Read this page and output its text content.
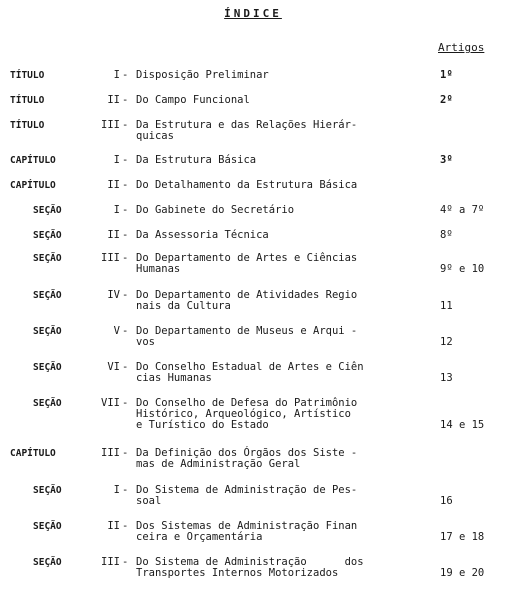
ÍNDICE
Artigos
TÍTULO	I - Disposição Preliminar	1º
TÍTULO	II - Do Campo Funcional	2º
TÍTULO	III - Da Estrutura e das Relações Hierár-
quicas
CAPÍTULO	I - Da Estrutura Básica	3º
CAPÍTULO	II - Do Detalhamento da Estrutura Básica
SEÇÃO	I - Do Gabinete do Secretário	4º a 7º
SEÇÃO	II - Da Assessoria Técnica	8º
SEÇÃO	III - Do Departamento de Artes e Ciências
Humanas	9º e 10
SEÇÃO	IV - Do Departamento de Atividades Regio
nais da Cultura	11
SEÇÃO	V - Do Departamento de Museus e Arqui -
vos	12
SEÇÃO	VI - Do Conselho Estadual de Artes e Ciên
cias Humanas	13
SEÇÃO	VII - Do Conselho de Defesa do Patrimônio
Histórico, Arqueológico, Artístico
e Turístico do Estado	14 e 15
CAPÍTULO	III - Da Definição dos Órgãos dos Siste -
mas de Administração Geral
SEÇÃO	I - Do Sistema de Administração de Pes-
soal	16
SEÇÃO	II - Dos Sistemas de Administração Finan
ceira e Orçamentária	17 e 18
SEÇÃO	III - Do Sistema de Administração      dos
Transportes Internos Motorizados	19 e 20
